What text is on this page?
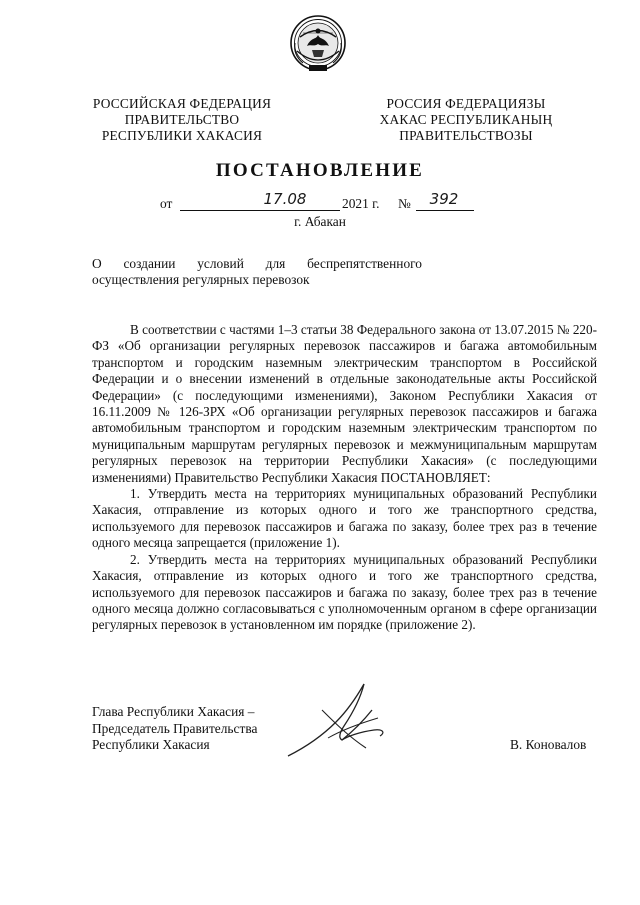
РОССИЙСКАЯ ФЕДЕРАЦИЯ
ПРАВИТЕЛЬСТВО
РЕСПУБЛИКИ ХАКАСИЯ
РОССИЯ ФЕДЕРАЦИЯЗЫ
ХАКАС РЕСПУБЛИКАНЫҢ
ПРАВИТЕЛЬСТВОЗЫ
ПОСТАНОВЛЕНИЕ
от	17.08	2021 г. №	392
г. Абакан
О создании условий для беспрепятственного
осуществления регулярных перевозок

В соответствии с частями 1–3 статьи 38 Федерального закона от 13.07.2015 № 220-ФЗ «Об организации регулярных перевозок пассажиров и багажа автомобильным транспортом и городским наземным электрическим транспортом в Российской Федерации и о внесении изменений в отдельные законодательные акты Российской Федерации» (с последующими изменениями), Законом Республики Хакасия от 16.11.2009 № 126-ЗРХ «Об организации регулярных перевозок пассажиров и багажа автомобильным транспортом и городским наземным электрическим транспортом по муниципальным маршрутам регулярных перевозок и межмуниципальным маршрутам регулярных перевозок на территории Республики Хакасия» (с последующими изменениями) Правительство Республики Хакасия ПОСТАНОВЛЯЕТ:

1. Утвердить места на территориях муниципальных образований Республики Хакасия, отправление из которых одного и того же транспортного средства, используемого для перевозок пассажиров и багажа по заказу, более трех раз в течение одного месяца запрещается (приложение 1).

2. Утвердить места на территориях муниципальных образований Республики Хакасия, отправление из которых одного и того же транспортного средства, используемого для перевозок пассажиров и багажа по заказу, более трех раз в течение одного месяца должно согласовываться с уполномоченным органом в сфере организации регулярных перевозок в установленном им порядке (приложение 2).

Глава Республики Хакасия –
Председатель Правительства
Республики Хакасия	В. Коновалов
